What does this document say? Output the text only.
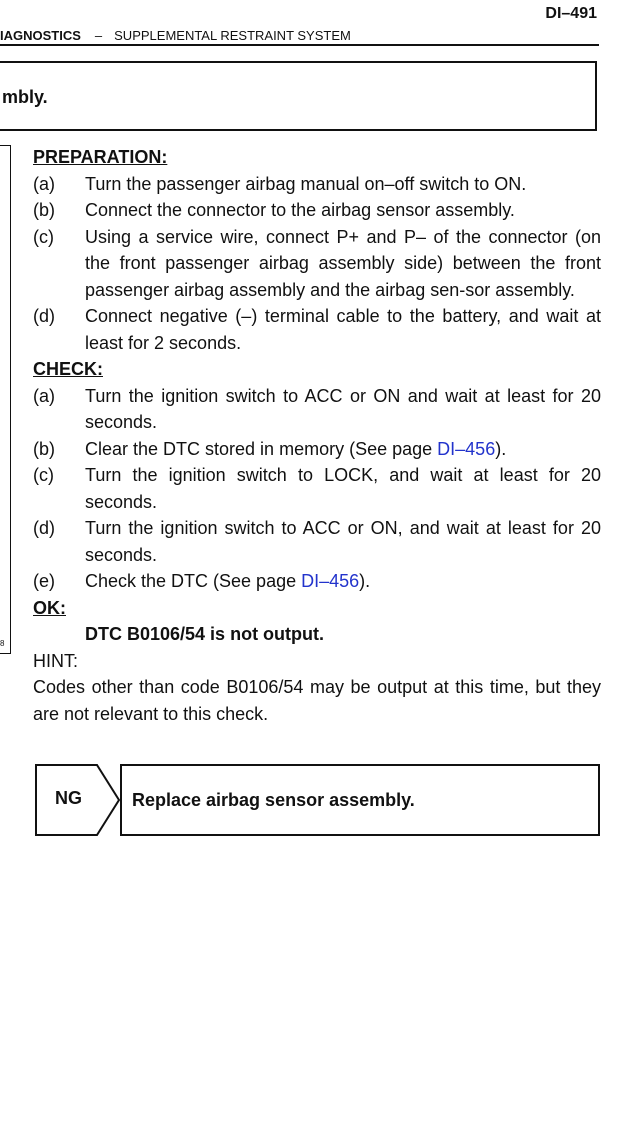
DI–491
IAGNOSTICS – SUPPLEMENTAL RESTRAINT SYSTEM
mbly.
8
PREPARATION:
(a)	Turn the passenger airbag manual on–off switch to ON.
(b)	Connect the connector to the airbag sensor assembly.
(c)	Using a service wire, connect P+ and P– of the connector (on the front passenger airbag assembly side) between the front passenger airbag assembly and the airbag sen-sor assembly.
(d)	Connect negative (–) terminal cable to the battery, and wait at least for 2 seconds.
CHECK:
(a)	Turn the ignition switch to ACC or ON and wait at least for 20 seconds.
(b)	Clear the DTC stored in memory (See page DI–456).
(c)	Turn the ignition switch to LOCK, and wait at least for 20 seconds.
(d)	Turn the ignition switch to ACC or ON, and wait at least for 20 seconds.
(e)	Check the DTC (See page DI–456).
OK:
DTC B0106/54 is not output.
HINT:
Codes other than code B0106/54 may be output at this time, but they are not relevant to this check.
NG	Replace airbag sensor assembly.
